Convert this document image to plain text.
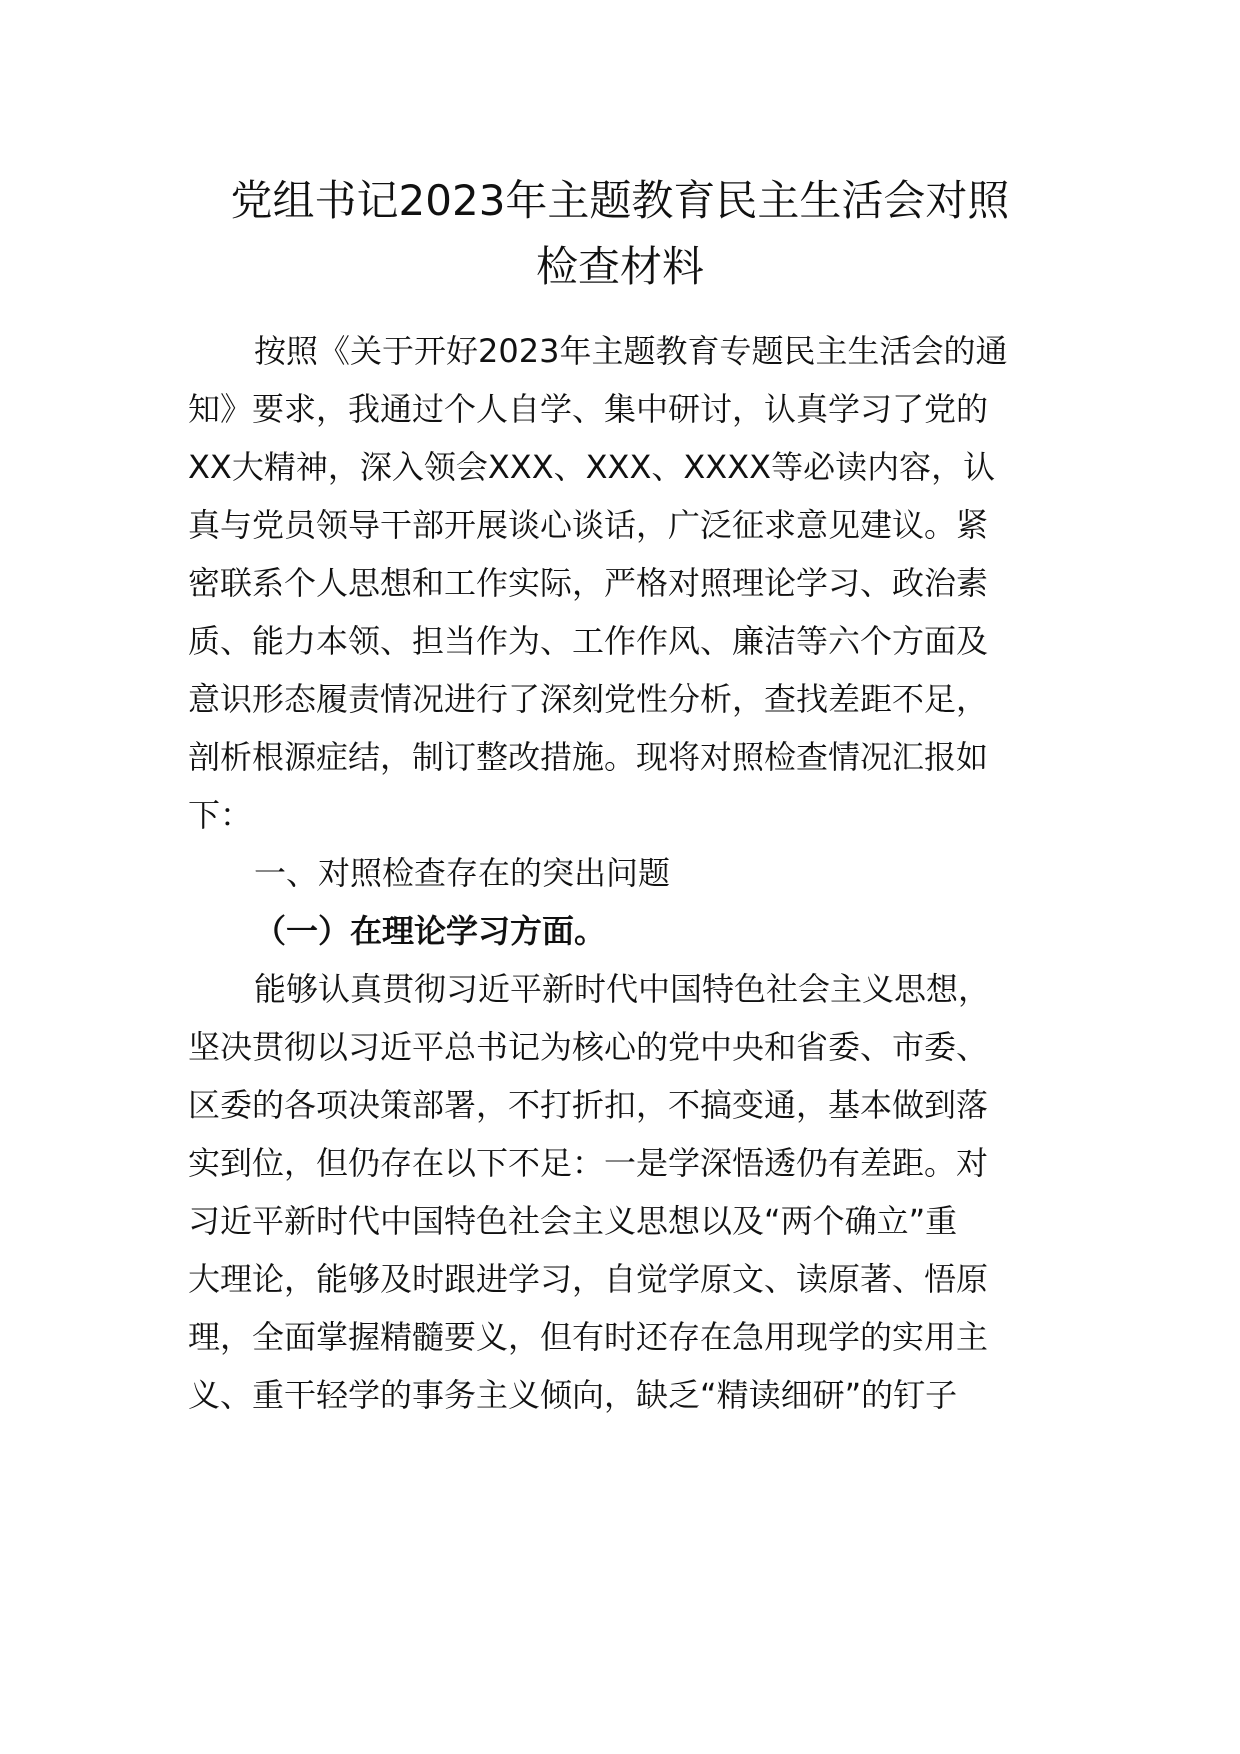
党组书记2023年主题教育民主生活会对照
检查材料
按照《关于开好2023年主题教育专题民主生活会的通
知》要求，我通过个人自学、集中研讨，认真学习了党的
XX大精神，深入领会XXX、XXX、XXXX等必读内容，认
真与党员领导干部开展谈心谈话，广泛征求意见建议。紧
密联系个人思想和工作实际，严格对照理论学习、政治素
质、能力本领、担当作为、工作作风、廉洁等六个方面及
意识形态履责情况进行了深刻党性分析，查找差距不足，
剖析根源症结，制订整改措施。现将对照检查情况汇报如
下：
一、对照检查存在的突出问题
（一）在理论学习方面。
能够认真贯彻习近平新时代中国特色社会主义思想，
坚决贯彻以习近平总书记为核心的党中央和省委、市委、
区委的各项决策部署，不打折扣，不搞变通，基本做到落
实到位，但仍存在以下不足：一是学深悟透仍有差距。对
习近平新时代中国特色社会主义思想以及“两个确立”重
大理论，能够及时跟进学习，自觉学原文、读原著、悟原
理，全面掌握精髓要义，但有时还存在急用现学的实用主
义、重干轻学的事务主义倾向，缺乏“精读细研”的钉子
